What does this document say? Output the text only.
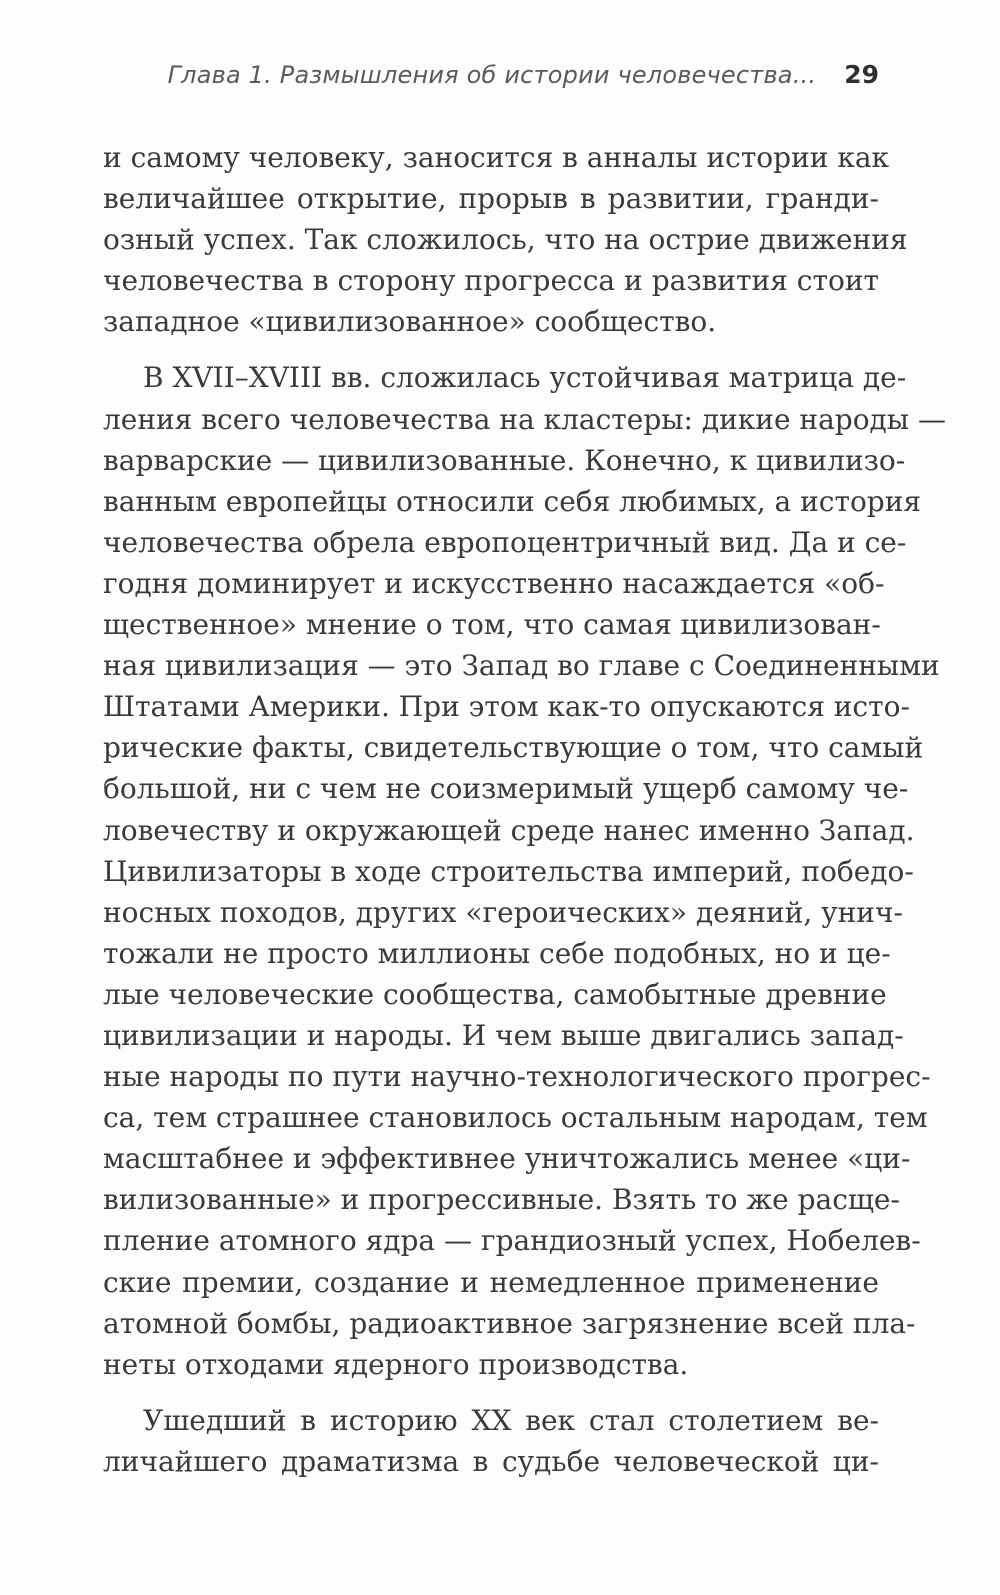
Глава 1. Размышления об истории человечества... 29
и самому человеку, заносится в анналы истории как
величайшее открытие, прорыв в развитии, гранди-
озный успех. Так сложилось, что на острие движения
человечества в сторону прогресса и развития стоит
западное «цивилизованное» сообщество.
В XVII–XVIII вв. сложилась устойчивая матрица де-
ления всего человечества на кластеры: дикие народы —
варварские — цивилизованные. Конечно, к цивилизо-
ванным европейцы относили себя любимых, а история
человечества обрела европоцентричный вид. Да и се-
годня доминирует и искусственно насаждается «об-
щественное» мнение о том, что самая цивилизован-
ная цивилизация — это Запад во главе с Соединенными
Штатами Америки. При этом как-то опускаются исто-
рические факты, свидетельствующие о том, что самый
большой, ни с чем не соизмеримый ущерб самому че-
ловечеству и окружающей среде нанес именно Запад.
Цивилизаторы в ходе строительства империй, победо-
носных походов, других «героических» деяний, унич-
тожали не просто миллионы себе подобных, но и це-
лые человеческие сообщества, самобытные древние
цивилизации и народы. И чем выше двигались запад-
ные народы по пути научно-технологического прогрес-
са, тем страшнее становилось остальным народам, тем
масштабнее и эффективнее уничтожались менее «ци-
вилизованные» и прогрессивные. Взять то же расще-
пление атомного ядра — грандиозный успех, Нобелев-
ские премии, создание и немедленное применение
атомной бомбы, радиоактивное загрязнение всей пла-
неты отходами ядерного производства.
Ушедший в историю XX век стал столетием ве-
личайшего драматизма в судьбе человеческой ци-
